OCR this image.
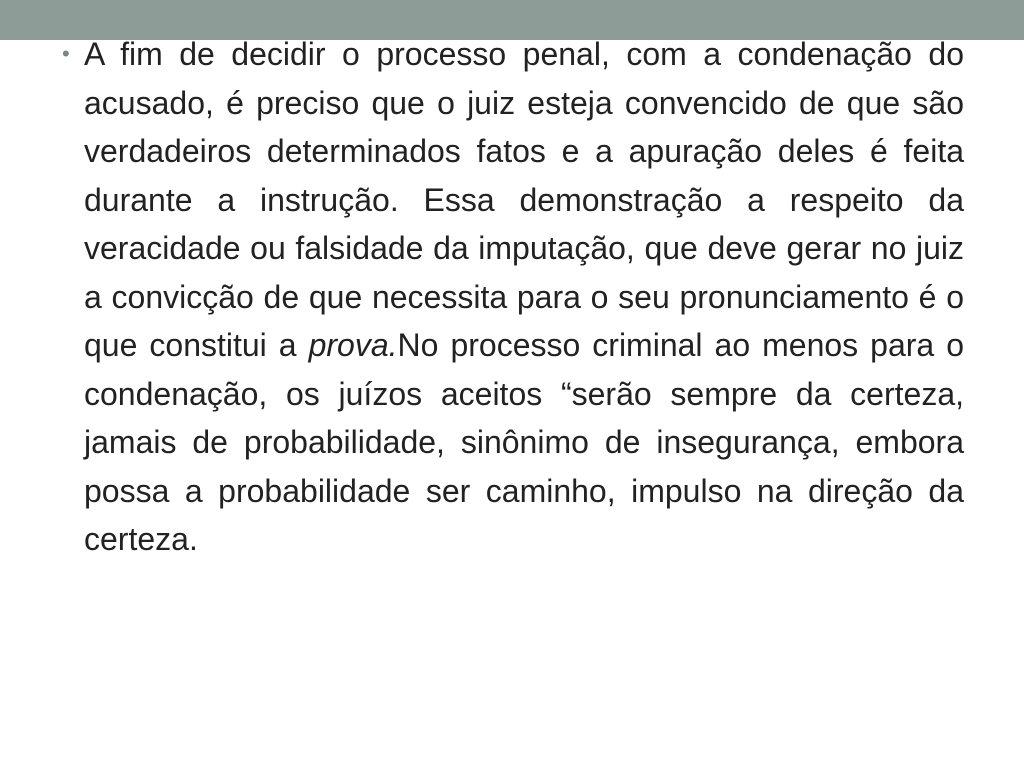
• A fim de decidir o processo penal, com a condenação do acusado, é preciso que o juiz esteja convencido de que são verdadeiros determinados fatos e a apuração deles é feita durante a instrução. Essa demonstração a respeito da veracidade ou falsidade da imputação, que deve gerar no juiz a convicção de que necessita para o seu pronunciamento é o que constitui a prova.No processo criminal ao menos para o condenação, os juízos aceitos “serão sempre da certeza, jamais de probabilidade, sinônimo de insegurança, embora possa a probabilidade ser caminho, impulso na direção da certeza.
